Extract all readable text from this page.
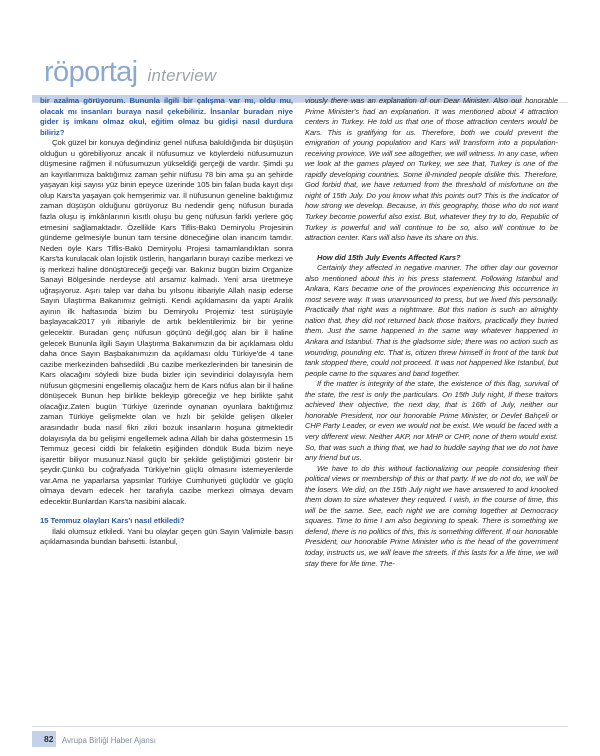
röportaj interview

bir azalma görüyorum. Bununla ilgili bir çalışma var mı, oldu mu, olacak mı insanları buraya nasıl çekebiliriz. İnsanlar buradan niye gider iş imkanı olmaz okul, eğitim olmaz bu gidişi nasıl durdura biliriz?

Çok güzel bir konuya değindiniz genel nüfusa bakıldığında bir düşüşün olduğun u görebiliyoruz ancak il nüfusumuz ve köylerdeki nüfusumuzun düşmesine rağmen il nüfusumuzun yükseldiği gerçeği de vardır. Şimdi şu an kayıtlarımıza baktığımız zaman şehir nüfusu 78 bin ama şu an şehirde yaşayan kişi sayısı yüz binin epeyce üzerinde 105 bin falan buda kayıt dışı olup Kars'ta yaşayan çok hemşerimiz var. İl nüfusunun geneline baktığımız zaman düşüşün olduğunu görüyoruz Bu nedendir genç nüfusun burada fazla oluşu iş imkânlarının kısıtlı oluşu bu genç nüfusun farklı yerlere göç etmesini sağlamaktadır. Özellikle Kars Tiflis-Bakü Demiryolu Projesinin gündeme gelmesiyle bunun tam tersine döneceğine olan inancım tamdır. Neden öyle Kars Tiflis-Bakü Demiryolu Projesi tamamlandıktan sonra Kars'ta kurulacak olan lojistik üstlerin, hangarların burayı cazibe merkezi ve iş merkezi haline dönüştüreceği geçeği var. Bakınız bugün bizim Organize Sanayi Bölgesinde nerdeyse atıl arsamız kalmadı. Yeni arsa üretmeye uğraşıyoruz. Aşırı talep var daha bu yılsonu itibariyle Allah nasip ederse Sayın Ulaştırma Bakanımız gelmişti. Kendi açıklamasını da yaptı Aralık ayının ilk haftasında bizim bu Demiryolu Projemiz test sürüşüyle başlayacak2017 yılı itibariyle de artık beklentilerimiz bir bir yerine gelecektir. Buradan genç nüfusun göçünü değil,göç alan bir il haline gelecek Bununla ilgili Sayın Ulaştırma Bakanımızın da bir açıklaması oldu daha önce Sayın Başbakanımızın da açıklaması oldu Türkiye'de 4 tane cazibe merkezinden bahsedildi .Bu cazibe merkezlerinden bir tanesinin de Kars olacağını söyledi bize buda bizler için sevindirici dolayısıyla hem nüfusun göçmesini engellemiş olacağız hem de Kars nüfus alan bir il haline dönüşecek Bunun hep birlikte bekleyip göreceğiz ve hep birlikte şahit olacağız.Zaten bugün Türkiye üzerinde oynanan oyunlara baktığımız zaman Türkiye gelişmekte olan ve hızlı bir şekilde gelişen ülkeler arasındadır buda nasıl fikri zikri bozuk insanların hoşuna gitmektedir dolayısıyla da bu gelişimi engellemek adına Allah bir daha göstermesin 15 Temmuz gecesi ciddi bir felaketin eşiğinden döndük Buda bizim neye işarettir biliyor musunuz.Nasıl güçlü bir şekilde geliştiğimizi gösterir bir şeydir.Çünkü bu coğrafyada Türkiye'nin güçlü olmasını istemeyenlerde var.Ama ne yaparlarsa yapsınlar Türkiye Cumhuriyeti güçlüdür ve güçlü olmaya devam edecek her tarafıyla cazibe merkezi olmaya devam edecektir.Bunlardan Kars'ta nasibini alacak.

15 Temmuz olayları Kars'ı nasıl etkiledi?

İlaki olumsuz etkiledi. Yani bu olaylar geçen gün Sayın Valimizle basın açıklamasında bundan bahsetti. İstanbul,

viously there was an explanation of our Dear Minister. Also our honorable Prime Minister's had an explanation. It was mentioned about 4 attraction centers in Turkey. He told us that one of those attraction centers would be Kars. This is gratifying for us. Therefore, both we could prevent the emigration of young population and Kars will transform into a population-receiving province. We will see altogether, we will witness. In any case, when we look at the games played on Turkey, we see that, Turkey is one of the rapidly developing countries. Some ill-minded people dislike this. Therefore, God forbid that, we have returned from the threshold of misfortune on the night of 15th July. Do you know what this points out? This is the indicator of how strong we develop. Because, in this geography, those who do not want Turkey become powerful also exist. But, whatever they try to do, Republic of Turkey is powerful and will continue to be so, also will continue to be attraction center. Kars will also have its share on this.

How did 15th July Events Affected Kars?

Certainly they affected in negative manner. The other day our governor also mentioned about this in his press statement. Following Istanbul and Ankara, Kars became one of the provinces experiencing this occurrence in most severe way. It was unannounced to press, but we lived this personally. Practically that right was a nightmare. But this nation is such an almighty nation that, they did not returned back those traitors, practically they buried them. Just the same happened in the same way whatever happened in Ankara and Istanbul. That is the gladsome side; there was no action such as wounding, pounding etc. That is, citizen threw himself in front of the tank but tank stopped there, could not proceed. It was not happened like Istanbul, but people came to the squares and band together.

If the matter is integrity of the state, the existence of this flag, survival of the state, the rest is only the particulars. On 15th July night, If these traitors achieved their objective, the next day, that is 16th of July, neither our honorable President, nor our honorable Prime Minister, or Devlet Bahçeli or CHP Party Leader, or even we would not be exist. We would be faced with a very different view. Neither AKP, nor MHP or CHP, none of them would exist. So, that was such a thing that, we had to huddle saying that we do not have any friend but us.

We have to do this without factionalizing our people considering their political views or membership of this or that party. If we do not do, we will be the losers. We did, on the 15th July night we have answered to and knocked them down to size whatever they required. I wish, in the course of time, this will be the same. See, each night we are coming together at Democracy squares. Time to time I am also beginning to speak. There is something we defend, there is no politics of this, this is something different. If our honorable President, our honorable Prime Minister who is the head of the government today, instructs us, we will leave the streets. If this lasts for a life time, we will stay there for life time. The-

82 Avrupa Birliği Haber Ajansı
